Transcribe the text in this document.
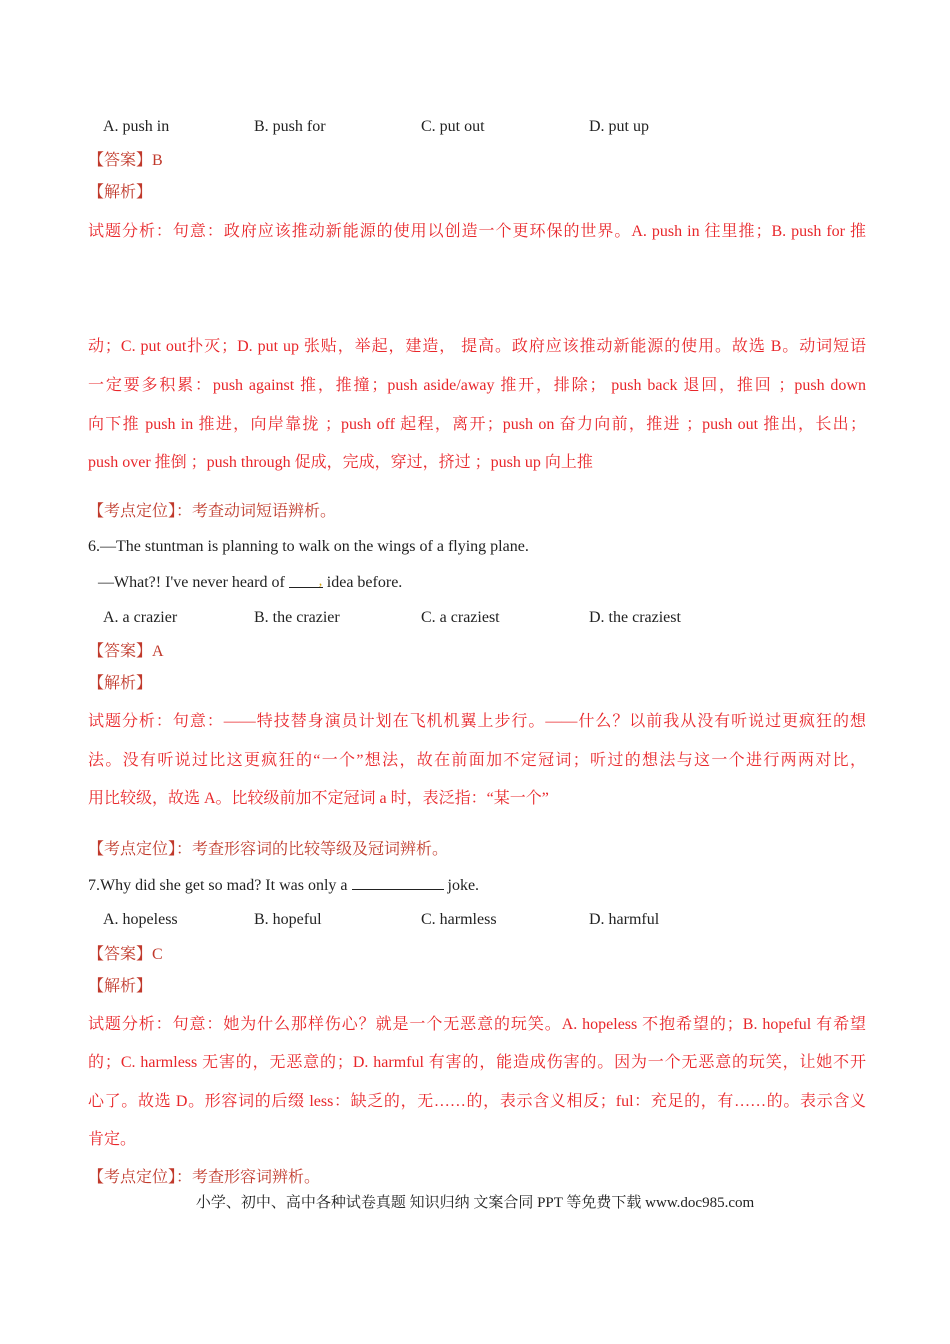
A. push in	B. push for	C. put out	D. put up
【答案】B
【解析】
试题分析：句意：政府应该推动新能源的使用以创造一个更环保的世界。A. push in 往里推；B. push for 推
动；C. put out扑灭；D. put up 张贴，举起，建造， 提高。政府应该推动新能源的使用。故选 B。动词短语
一定要多积累：push against 推，推撞；push aside/away 推开，排除； push back 退回，推回 ；push down
向下推 push in 推进，向岸靠拢 ；push off 起程，离开；push on 奋力向前，推进 ；push out 推出，长出；
push over 推倒 ；push through 促成，完成，穿过，挤过 ；push up 向上推
【考点定位】：考查动词短语辨析。
6.—The stuntman is planning to walk on the wings of a flying plane.
—What?! I've never heard of , idea before.
A. a crazier	B. the crazier	C. a craziest	D. the craziest
【答案】A
【解析】
试题分析：句意：——特技替身演员计划在飞机机翼上步行。——什么？以前我从没有听说过更疯狂的想
法。没有听说过比这更疯狂的“一个”想法，故在前面加不定冠词；听过的想法与这一个进行两两对比，
用比较级，故选 A。比较级前加不定冠词 a 时，表泛指：“某一个”
【考点定位】：考查形容词的比较等级及冠词辨析。
7.Why did she get so mad? It was only a	joke.
A. hopeless	B. hopeful	C. harmless	D. harmful
【答案】C
【解析】
试题分析：句意：她为什么那样伤心？就是一个无恶意的玩笑。A. hopeless 不抱希望的；B. hopeful 有希望
的；C. harmless 无害的，无恶意的；D. harmful 有害的，能造成伤害的。因为一个无恶意的玩笑，让她不开
心了。故选 D。形容词的后缀 less：缺乏的，无……的，表示含义相反；ful：充足的，有……的。表示含义
肯定。
【考点定位】：考查形容词辨析。
小学、初中、高中各种试卷真题 知识归纳 文案合同 PPT 等免费下载 www.doc985.com
